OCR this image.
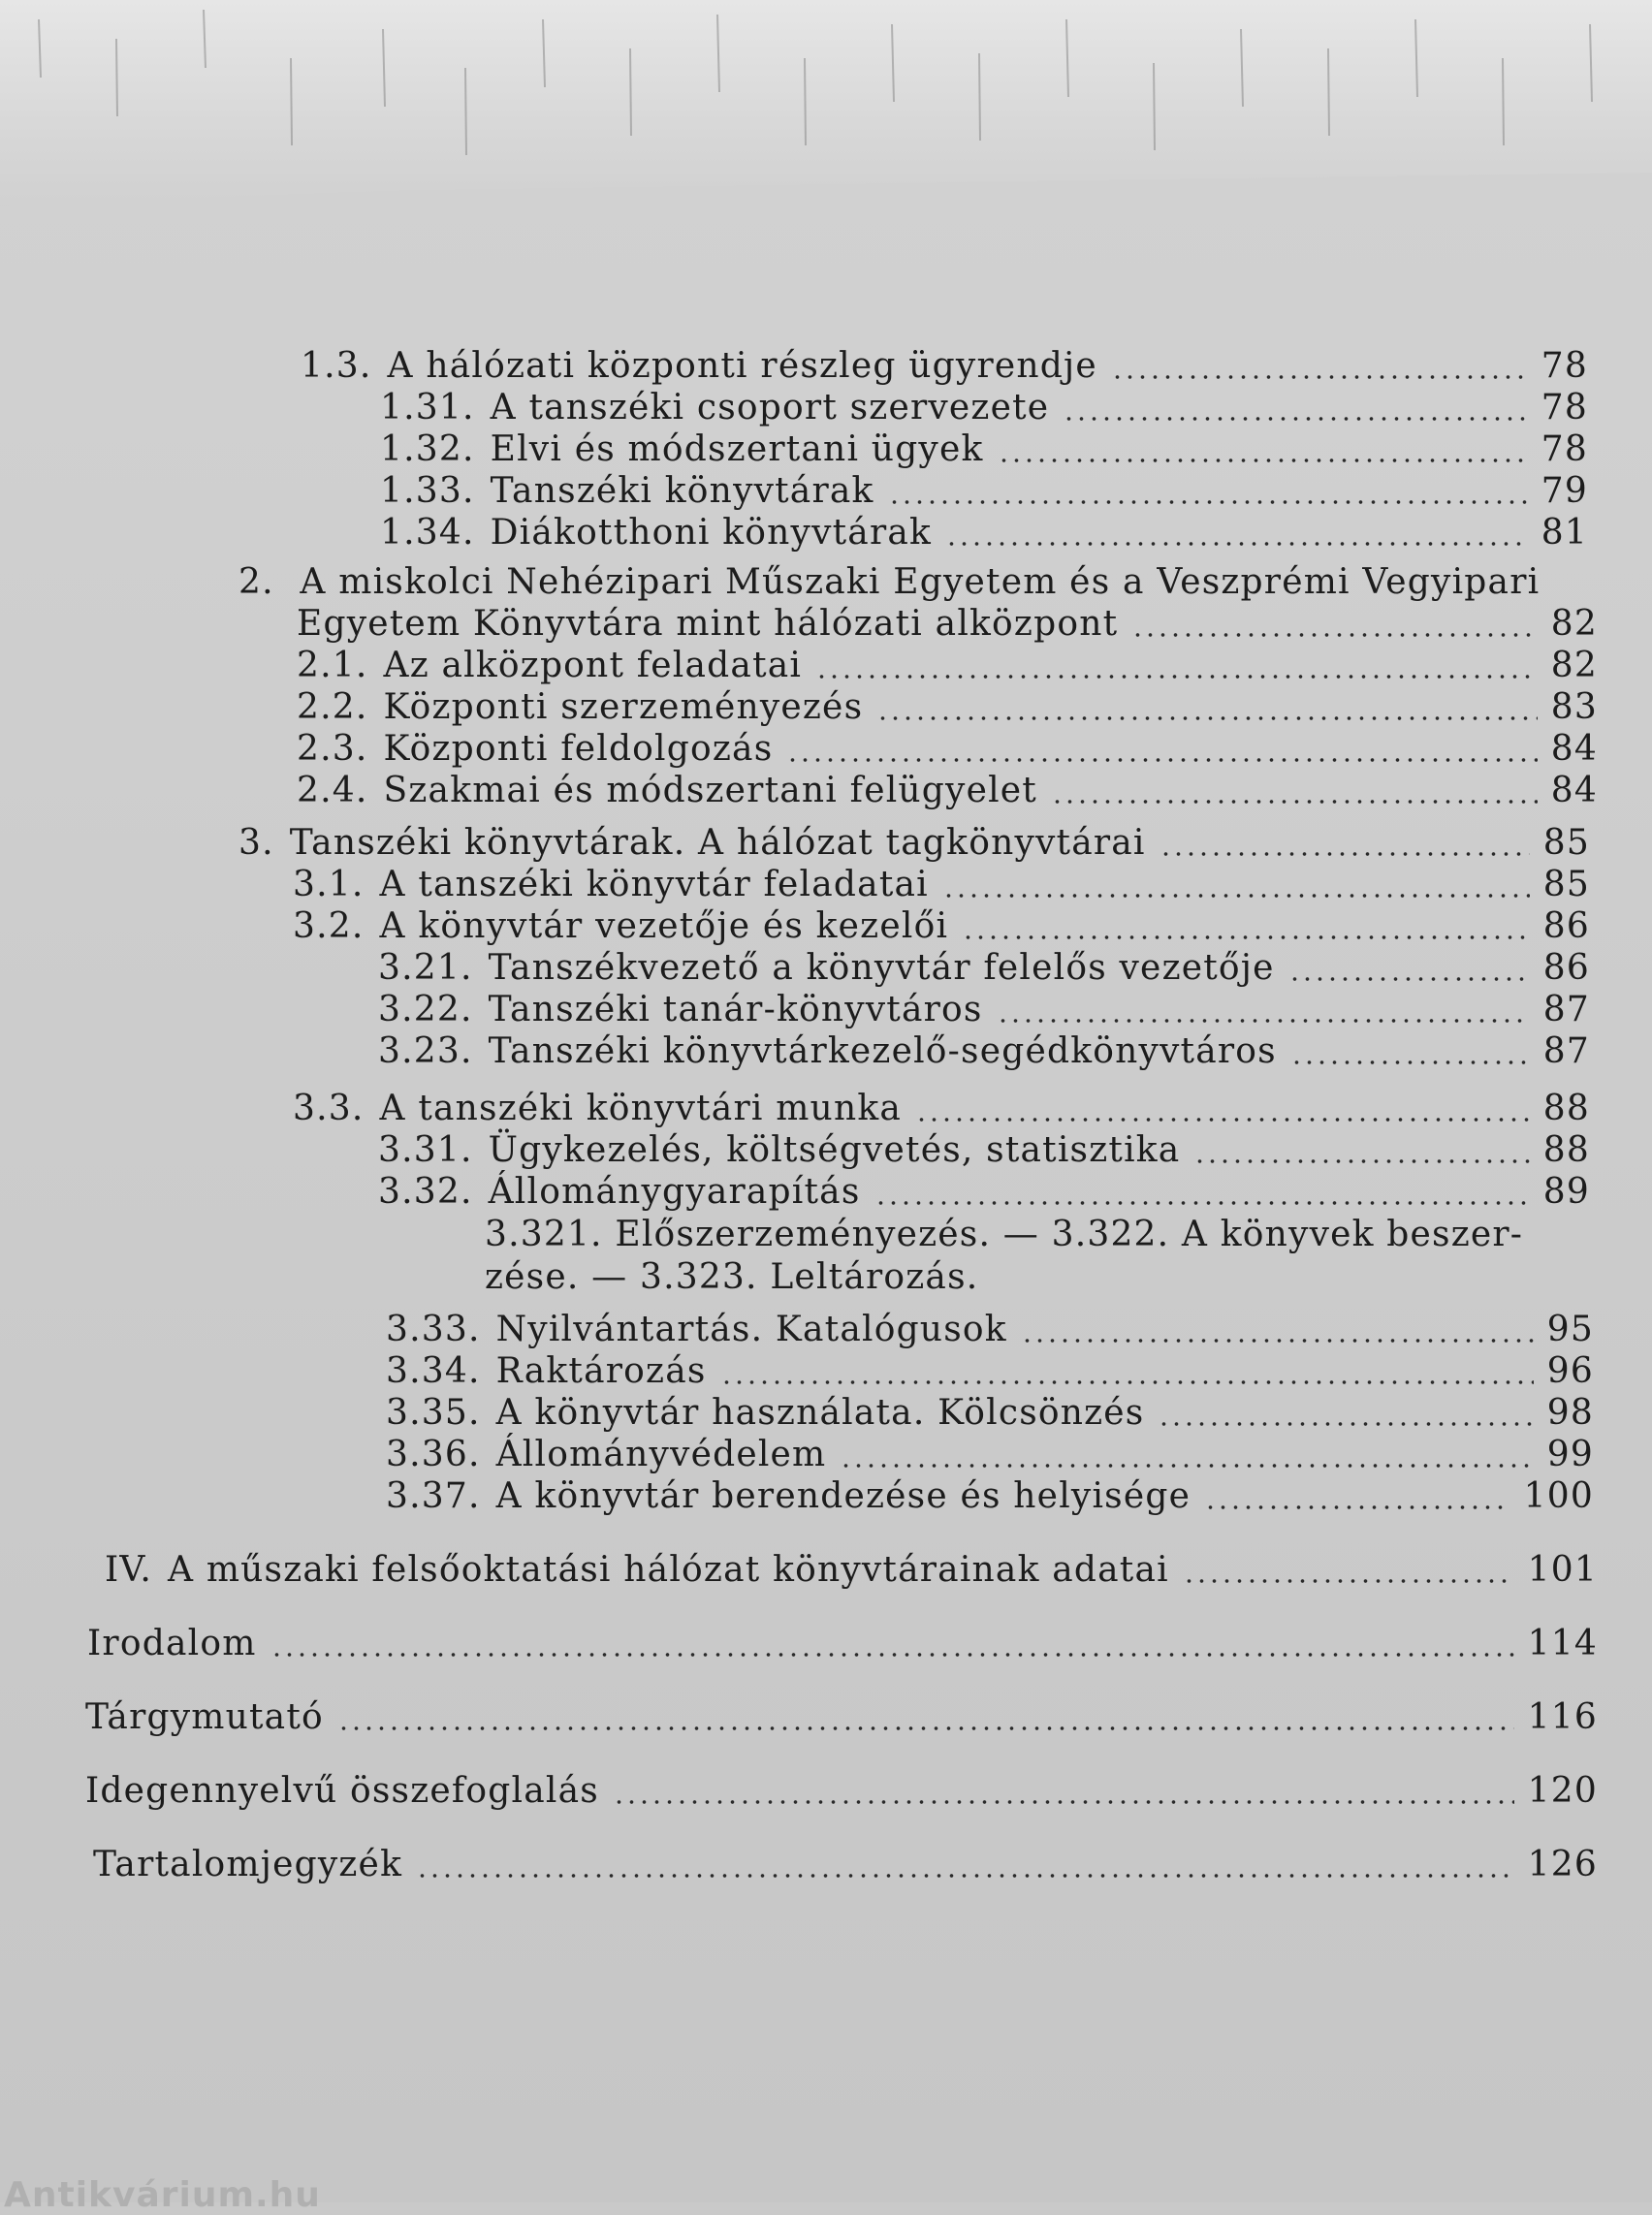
1.3. A hálózati központi részleg ügyrendje	78
1.31. A tanszéki csoport szervezete	78
1.32. Elvi és módszertani ügyek	78
1.33. Tanszéki könyvtárak	79
1.34. Diákotthoni könyvtárak	81
2. A miskolci Nehézipari Műszaki Egyetem és a Veszprémi Vegyipari
Egyetem Könyvtára mint hálózati alközpont	82
2.1. Az alközpont feladatai	82
2.2. Központi szerzeményezés	83
2.3. Központi feldolgozás	84
2.4. Szakmai és módszertani felügyelet	84
3. Tanszéki könyvtárak. A hálózat tagkönyvtárai	85
3.1. A tanszéki könyvtár feladatai	85
3.2. A könyvtár vezetője és kezelői	86
3.21. Tanszékvezető a könyvtár felelős vezetője	86
3.22. Tanszéki tanár-könyvtáros	87
3.23. Tanszéki könyvtárkezelő-segédkönyvtáros	87
3.3. A tanszéki könyvtári munka	88
3.31. Ügykezelés, költségvetés, statisztika	88
3.32. Állománygyarapítás	89
3.321. Előszerzeményezés. — 3.322. A könyvek beszer-
zése. — 3.323. Leltározás.
3.33. Nyilvántartás. Katalógusok	95
3.34. Raktározás	96
3.35. A könyvtár használata. Kölcsönzés	98
3.36. Állományvédelem	99
3.37. A könyvtár berendezése és helyisége	100
IV. A műszaki felsőoktatási hálózat könyvtárainak adatai	101
Irodalom	114
Tárgymutató	116
Idegennyelvű összefoglalás	120
Tartalomjegyzék	126
Antikvárium.hu
